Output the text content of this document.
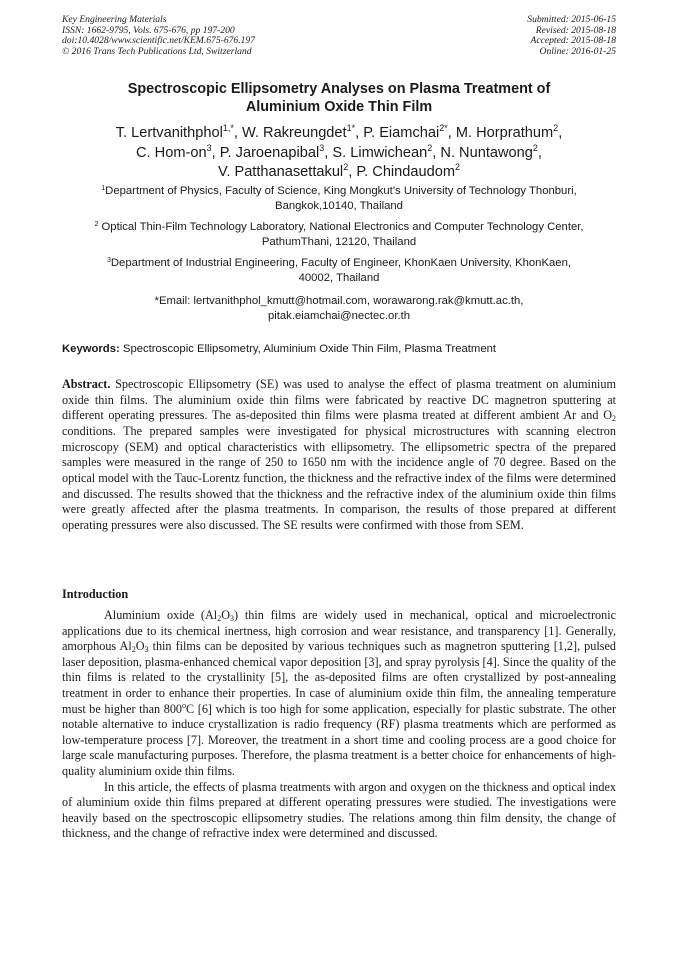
Key Engineering Materials
ISSN: 1662-9795, Vols. 675-676, pp 197-200
doi:10.4028/www.scientific.net/KEM.675-676.197
© 2016 Trans Tech Publications Ltd, Switzerland
Submitted: 2015-06-15
Revised: 2015-08-18
Accepted: 2015-08-18
Online: 2016-01-25
Spectroscopic Ellipsometry Analyses on Plasma Treatment of
Aluminium Oxide Thin Film
T. Lertvanithphol$^{1,*}$, W. Rakreungdet$^{1*}$, P. Eiamchai$^{2*}$, M. Horprathum$^2$,
C. Hom-$on^3$, P. Jaroenapibal$^3$, S. Limwichean$^2$, N. Nuntawong$^2$,
V. Patthanasettakul$^2$, P. Chindaudom$^2$
$^1$Department of Physics, Faculty of Science, King Mongkut’s University of Technology Thonburi,
Bangkok,10140, Thailand
$^2$ Optical Thin-Film Technology Laboratory, National Electronics and Computer Technology Center,
PathumThani, 12120, Thailand
$^3$Department of Industrial Engineering, Faculty of Engineer, KhonKaen University, KhonKaen,
40002, Thailand
*Email: lertvanithphol_kmutt@hotmail.com, worawarong.rak@kmutt.ac.th,
pitak.eiamchai@nectec.or.th
Keywords: Spectroscopic Ellipsometry, Aluminium Oxide Thin Film, Plasma Treatment
Abstract. Spectroscopic Ellipsometry (SE) was used to analyse the effect of plasma treatment on aluminium oxide thin films. The aluminium oxide thin films were fabricated by reactive DC magnetron sputtering at different operating pressures. The as-deposited thin films were plasma treated at different ambient Ar and $O_2$ conditions. The prepared samples were investigated for physical microstructures with scanning electron microscopy (SEM) and optical characteristics with ellipsometry. The ellipsometric spectra of the prepared samples were measured in the range of 250 to 1650 nm with the incidence angle of 70 degree. Based on the optical model with the Tauc-Lorentz function, the thickness and the refractive index of the films were determined and discussed. The results showed that the thickness and the refractive index of the aluminium oxide thin films were greatly affected after the plasma treatments. In comparison, the results of those prepared at different operating pressures were also discussed. The SE results were confirmed with those from SEM.
Introduction

Aluminium oxide $(Al_2O_3)$ thin films are widely used in mechanical, optical and microelectronic applications due to its chemical inertness, high corrosion and wear resistance, and transparency [1]. Generally, amorphous $Al_2O_3$ thin films can be deposited by various techniques such as magnetron sputtering [1,2], pulsed laser deposition, plasma-enhanced chemical vapor deposition [3], and spray pyrolysis [4]. Since the quality of the thin films is related to the crystallinity [5], the as-deposited films are often crystallized by post-annealing treatment in order to enhance their properties. In case of aluminium oxide thin film, the annealing temperature must be higher than 800$^o$C [6] which is too high for some application, especially for plastic substrate. The other notable alternative to induce crystallization is radio frequency (RF) plasma treatments which are performed as low-temperature process [7]. Moreover, the treatment in a short time and cooling process are a good choice for large scale manufacturing purposes. Therefore, the plasma treatment is a better choice for enhancements of high-quality aluminium oxide thin films.

In this article, the effects of plasma treatments with argon and oxygen on the thickness and optical index of aluminium oxide thin films prepared at different operating pressures were studied. The investigations were heavily based on the spectroscopic ellipsometry studies. The relations among thin film density, the change of thickness, and the change of refractive index were determined and discussed.
